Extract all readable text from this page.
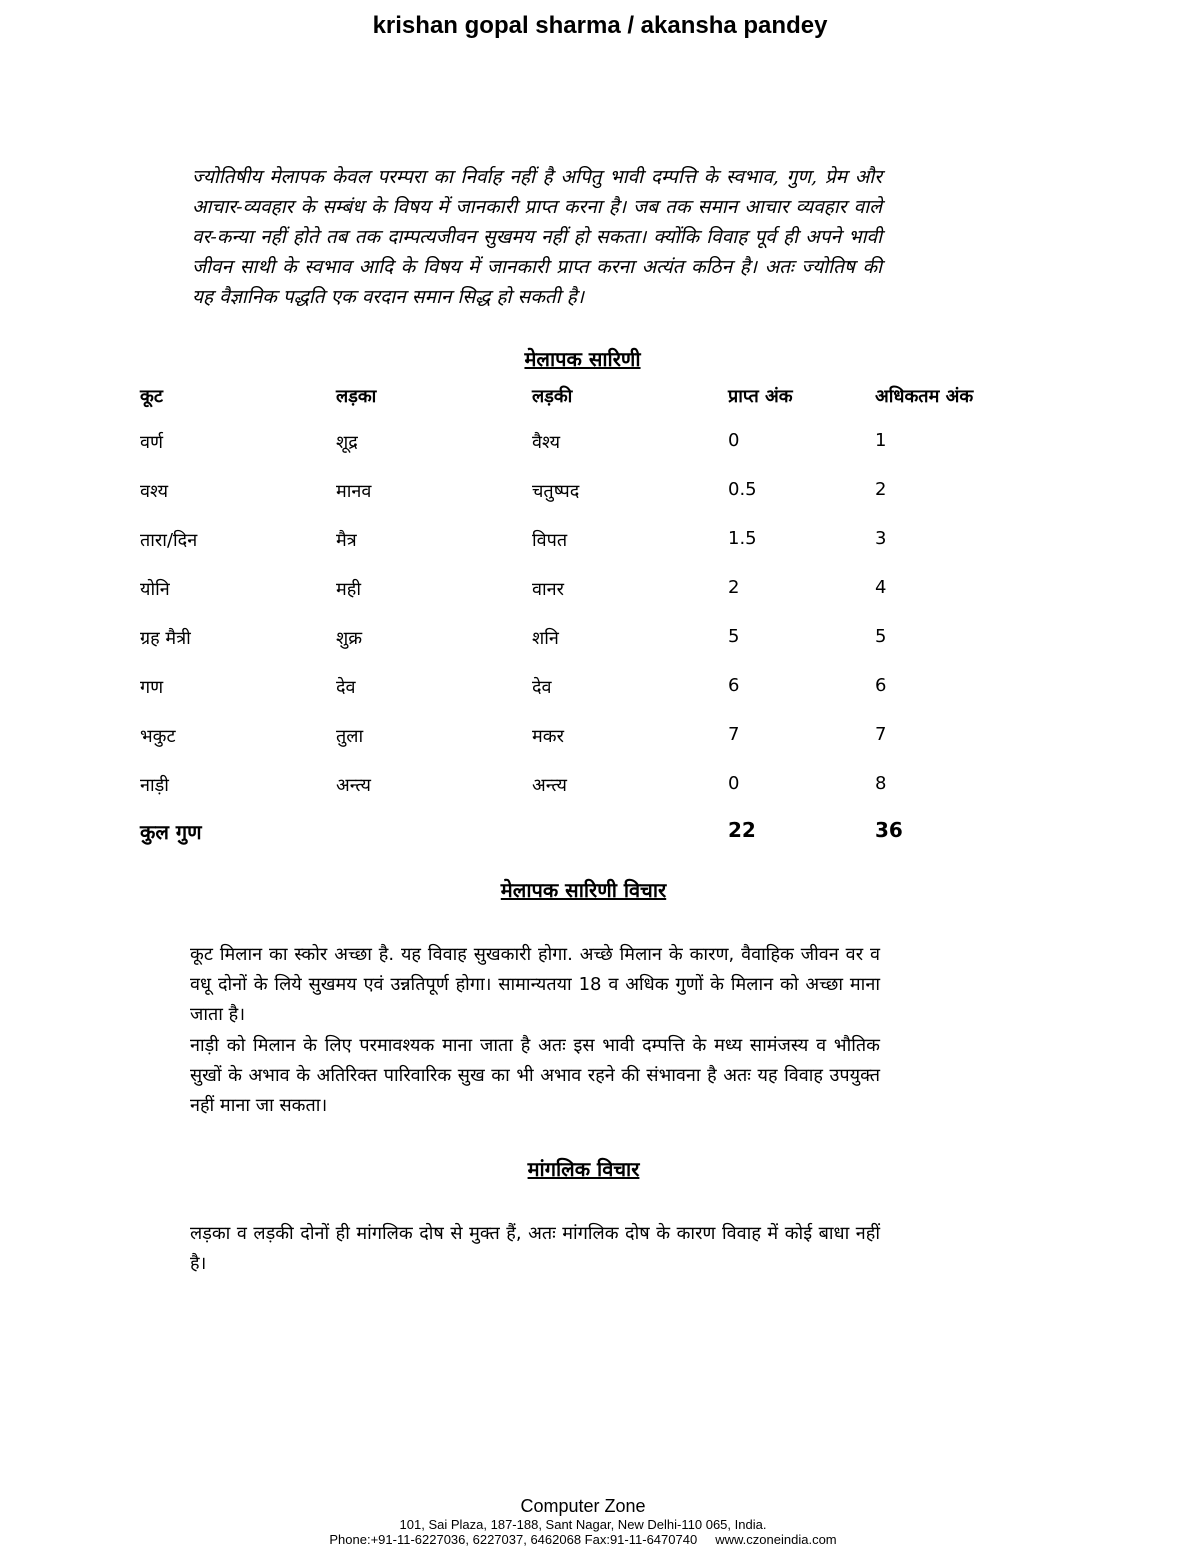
krishan gopal sharma / akansha pandey

ज्योतिषीय मेलापक केवल परम्परा का निर्वाह नहीं है अपितु भावी दम्पत्ति के स्वभाव, गुण, प्रेम और आचार-व्यवहार के सम्बंध के विषय में जानकारी प्राप्त करना है। जब तक समान आचार व्यवहार वाले वर-कन्या नहीं होते तब तक दाम्पत्यजीवन सुखमय नहीं हो सकता। क्योंकि विवाह पूर्व ही अपने भावी जीवन साथी के स्वभाव आदि के विषय में जानकारी प्राप्त करना अत्यंत कठिन है। अतः ज्योतिष की यह वैज्ञानिक पद्धति एक वरदान समान सिद्ध हो सकती है।

मेलापक सारिणी
कूट	लड़का	लड़की	प्राप्त अंक	अधिकतम अंक
वर्ण	शूद्र	वैश्य	0	1
वश्य	मानव	चतुष्पद	0.5	2
तारा/दिन	मैत्र	विपत	1.5	3
योनि	मही	वानर	2	4
ग्रह मैत्री	शुक्र	शनि	5	5
गण	देव	देव	6	6
भकुट	तुला	मकर	7	7
नाड़ी	अन्त्य	अन्त्य	0	8
कुल गुण			22	36
मेलापक सारिणी विचार

कूट मिलान का स्कोर अच्छा है. यह विवाह सुखकारी होगा. अच्छे मिलान के कारण, वैवाहिक जीवन वर व वधू दोनों के लिये सुखमय एवं उन्नतिपूर्ण होगा। सामान्यतया 18 व अधिक गुणों के मिलान को अच्छा माना जाता है।

नाड़ी को मिलान के लिए परमावश्यक माना जाता है अतः इस भावी दम्पत्ति के मध्य सामंजस्य व भौतिक सुखों के अभाव के अतिरिक्त पारिवारिक सुख का भी अभाव रहने की संभावना है अतः यह विवाह उपयुक्त नहीं माना जा सकता।

मांगलिक विचार

लड़का व लड़की दोनों ही मांगलिक दोष से मुक्त हैं, अतः मांगलिक दोष के कारण विवाह में कोई बाधा नहीं है।

Computer Zone
101, Sai Plaza, 187-188, Sant Nagar, New Delhi-110 065, India.
Phone:+91-11-6227036, 6227037, 6462068 Fax:91-11-6470740     www.czoneindia.com
